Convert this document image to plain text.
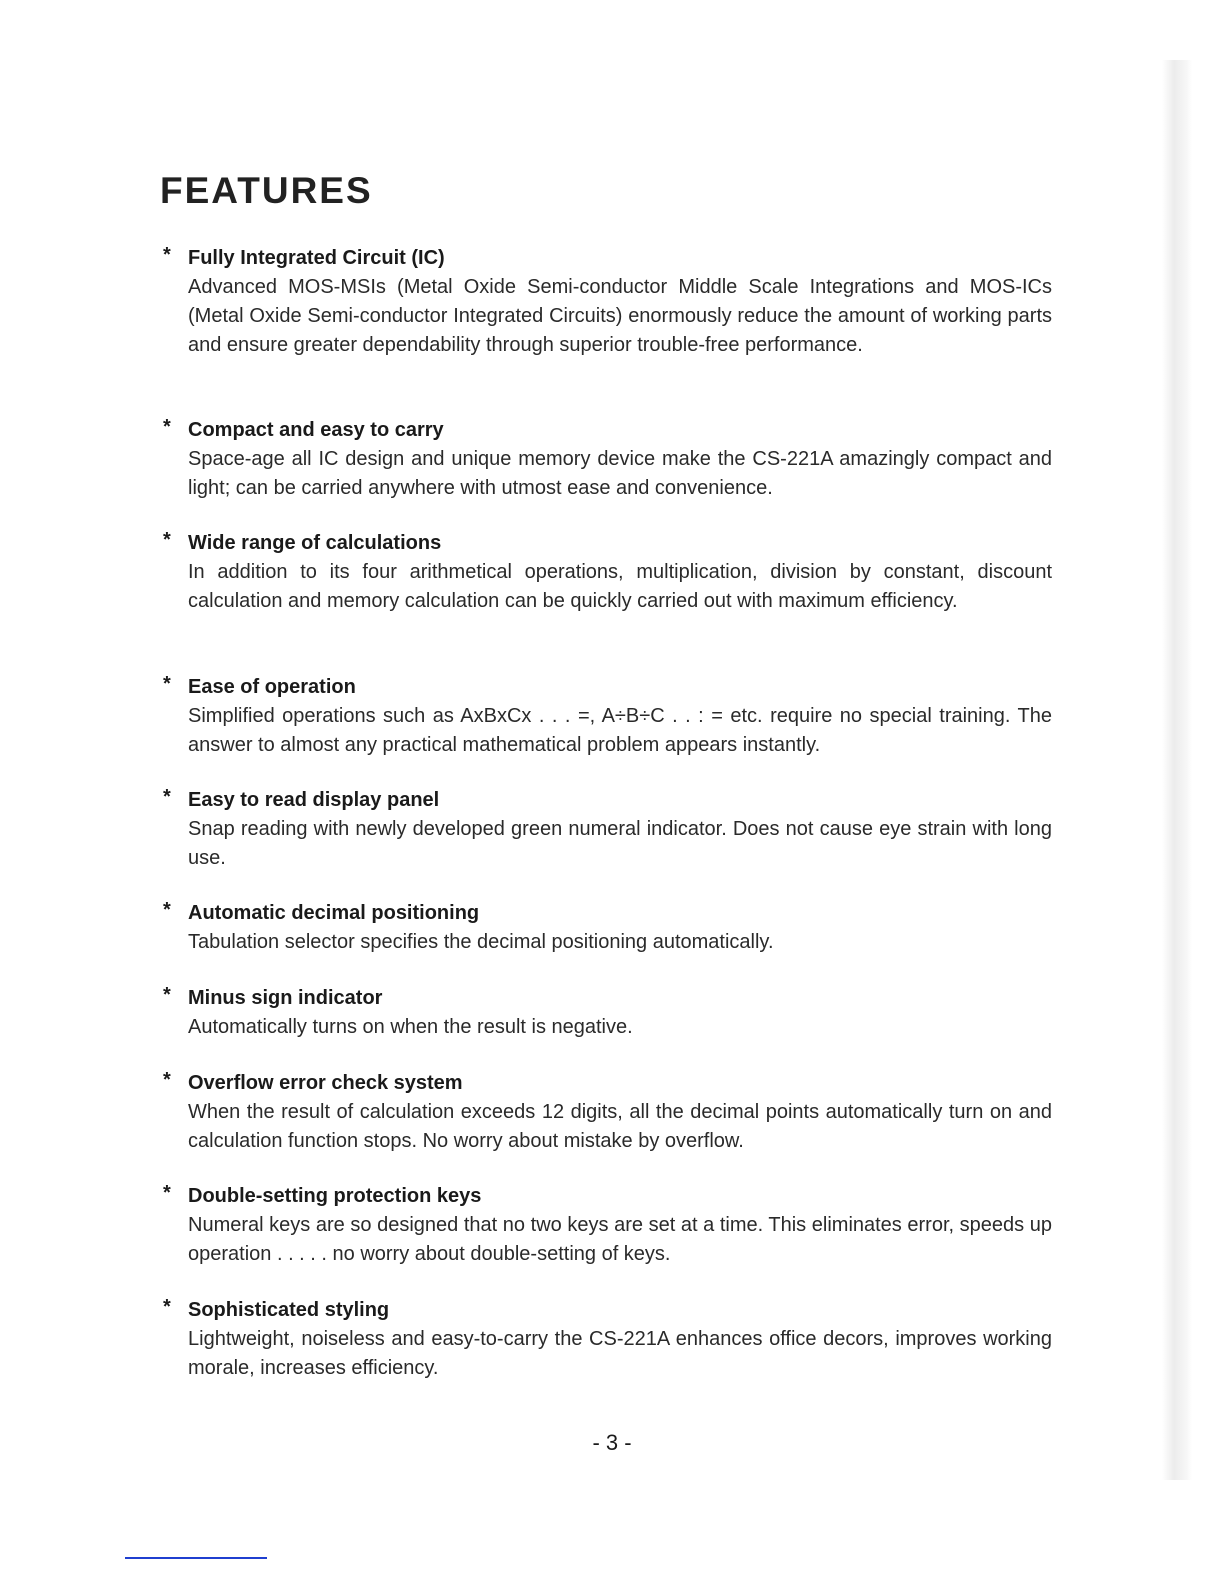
FEATURES
* Fully Integrated Circuit (IC)
Advanced MOS-MSIs (Metal Oxide Semi-conductor Middle Scale Integrations and MOS-ICs (Metal Oxide Semi-conductor Integrated Circuits) enormously reduce the amount of working parts and ensure greater dependability through superior trouble-free performance.
* Compact and easy to carry
Space-age all IC design and unique memory device make the CS-221A amazingly compact and light; can be carried anywhere with utmost ease and convenience.
* Wide range of calculations
In addition to its four arithmetical operations, multiplication, division by constant, discount calculation and memory calculation can be quickly carried out with maximum efficiency.
* Ease of operation
Simplified operations such as AxBxCx . . . =, A÷B÷C . . : = etc. require no special training. The answer to almost any practical mathematical problem appears instantly.
* Easy to read display panel
Snap reading with newly developed green numeral indicator. Does not cause eye strain with long use.
* Automatic decimal positioning
Tabulation selector specifies the decimal positioning automatically.
* Minus sign indicator
Automatically turns on when the result is negative.
* Overflow error check system
When the result of calculation exceeds 12 digits, all the decimal points automatically turn on and calculation function stops. No worry about mistake by overflow.
* Double-setting protection keys
Numeral keys are so designed that no two keys are set at a time. This eliminates error, speeds up operation . . . . . no worry about double-setting of keys.
* Sophisticated styling
Lightweight, noiseless and easy-to-carry the CS-221A enhances office decors, improves working morale, increases efficiency.
- 3 -
